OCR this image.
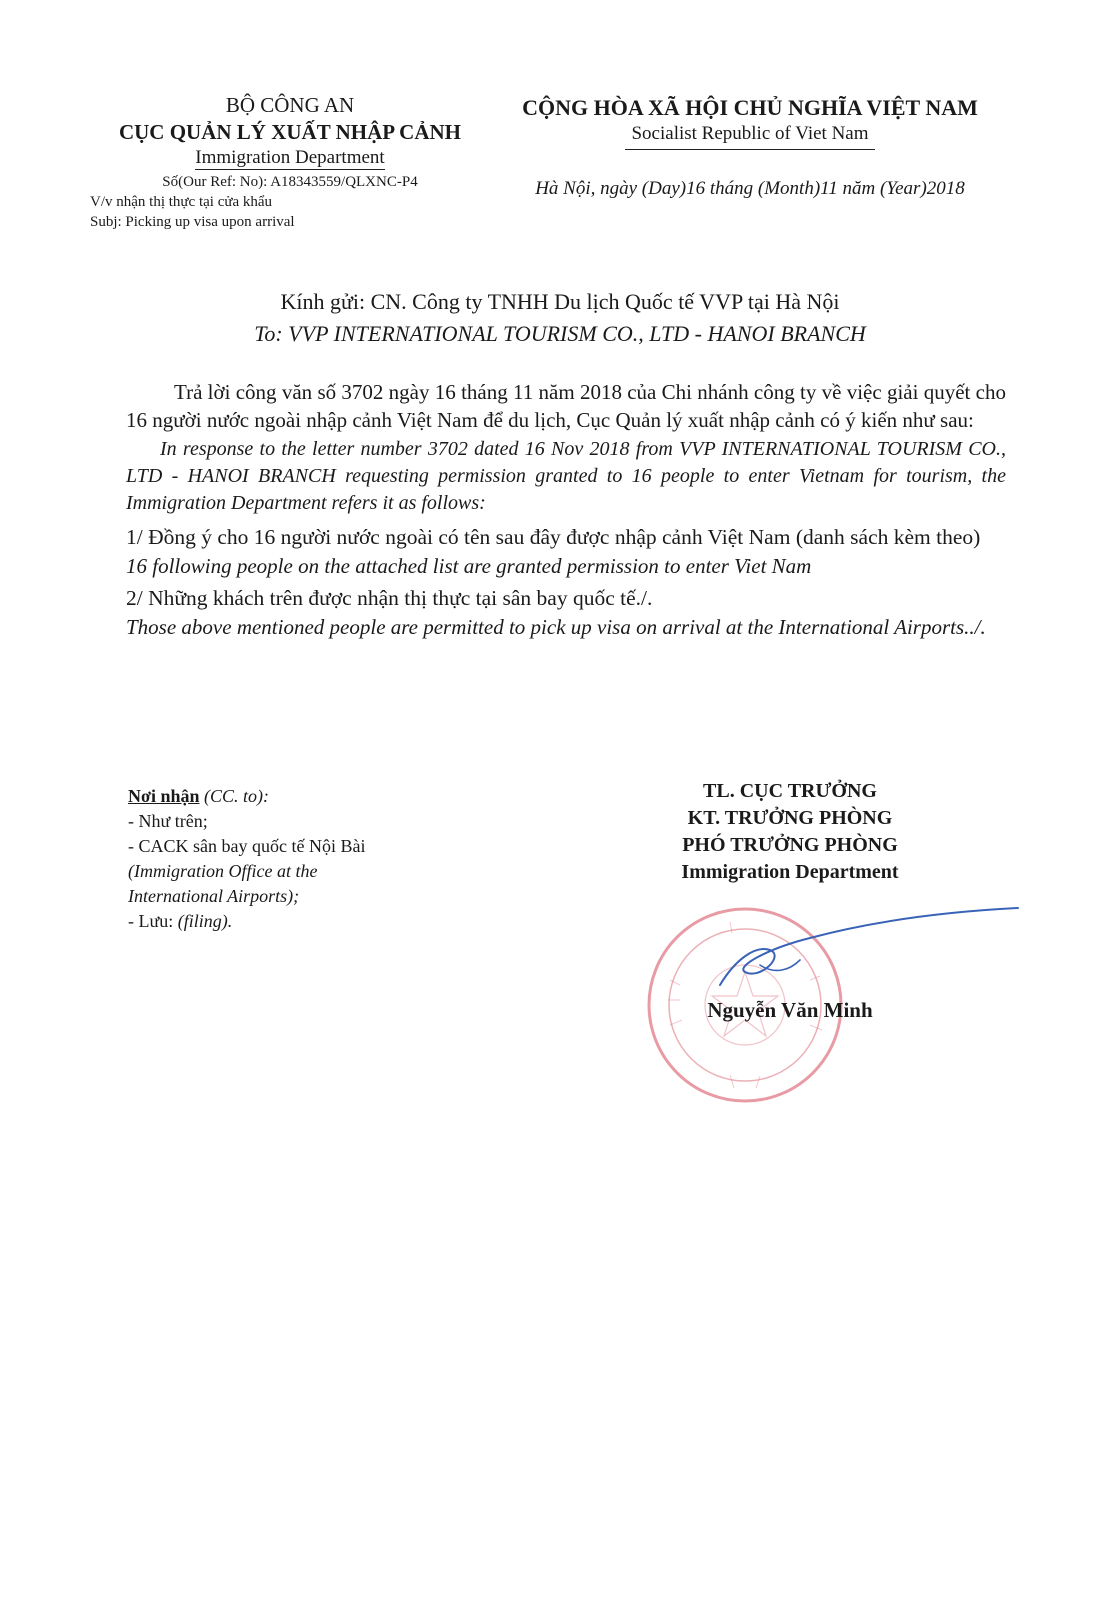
BỘ CÔNG AN
CỤC QUẢN LÝ XUẤT NHẬP CẢNH
Immigration Department
Số(Our Ref: No): A18343559/QLXNC-P4
V/v nhận thị thực tại cửa khẩu
Subj: Picking up visa upon arrival
CỘNG HÒA XÃ HỘI CHỦ NGHĨA VIỆT NAM
Socialist Republic of Viet Nam
Hà Nội, ngày (Day)16 tháng (Month)11 năm (Year)2018
Kính gửi: CN. Công ty TNHH Du lịch Quốc tế VVP tại Hà Nội
To: VVP INTERNATIONAL TOURISM CO., LTD - HANOI BRANCH

Trả lời công văn số 3702 ngày 16 tháng 11 năm 2018 của Chi nhánh công ty về việc giải quyết cho 16 người nước ngoài nhập cảnh Việt Nam để du lịch, Cục Quản lý xuất nhập cảnh có ý kiến như sau:

In response to the letter number 3702 dated 16 Nov 2018 from VVP INTERNATIONAL TOURISM CO., LTD - HANOI BRANCH requesting permission granted to 16 people to enter Vietnam for tourism, the Immigration Department refers it as follows:

1/ Đồng ý cho 16 người nước ngoài có tên sau đây được nhập cảnh Việt Nam (danh sách kèm theo)

16 following people on the attached list are granted permission to enter Viet Nam

2/ Những khách trên được nhận thị thực tại sân bay quốc tế./.

Those above mentioned people are permitted to pick up visa on arrival at the International Airports../.

Nơi nhận (CC. to):
- Như trên;
- CACK sân bay quốc tế Nội Bài
(Immigration Office at the
International Airports);
- Lưu: (filing).
TL. CỤC TRƯỞNG
KT. TRƯỞNG PHÒNG
PHÓ TRƯỞNG PHÒNG
Immigration Department
Nguyễn Văn Minh
